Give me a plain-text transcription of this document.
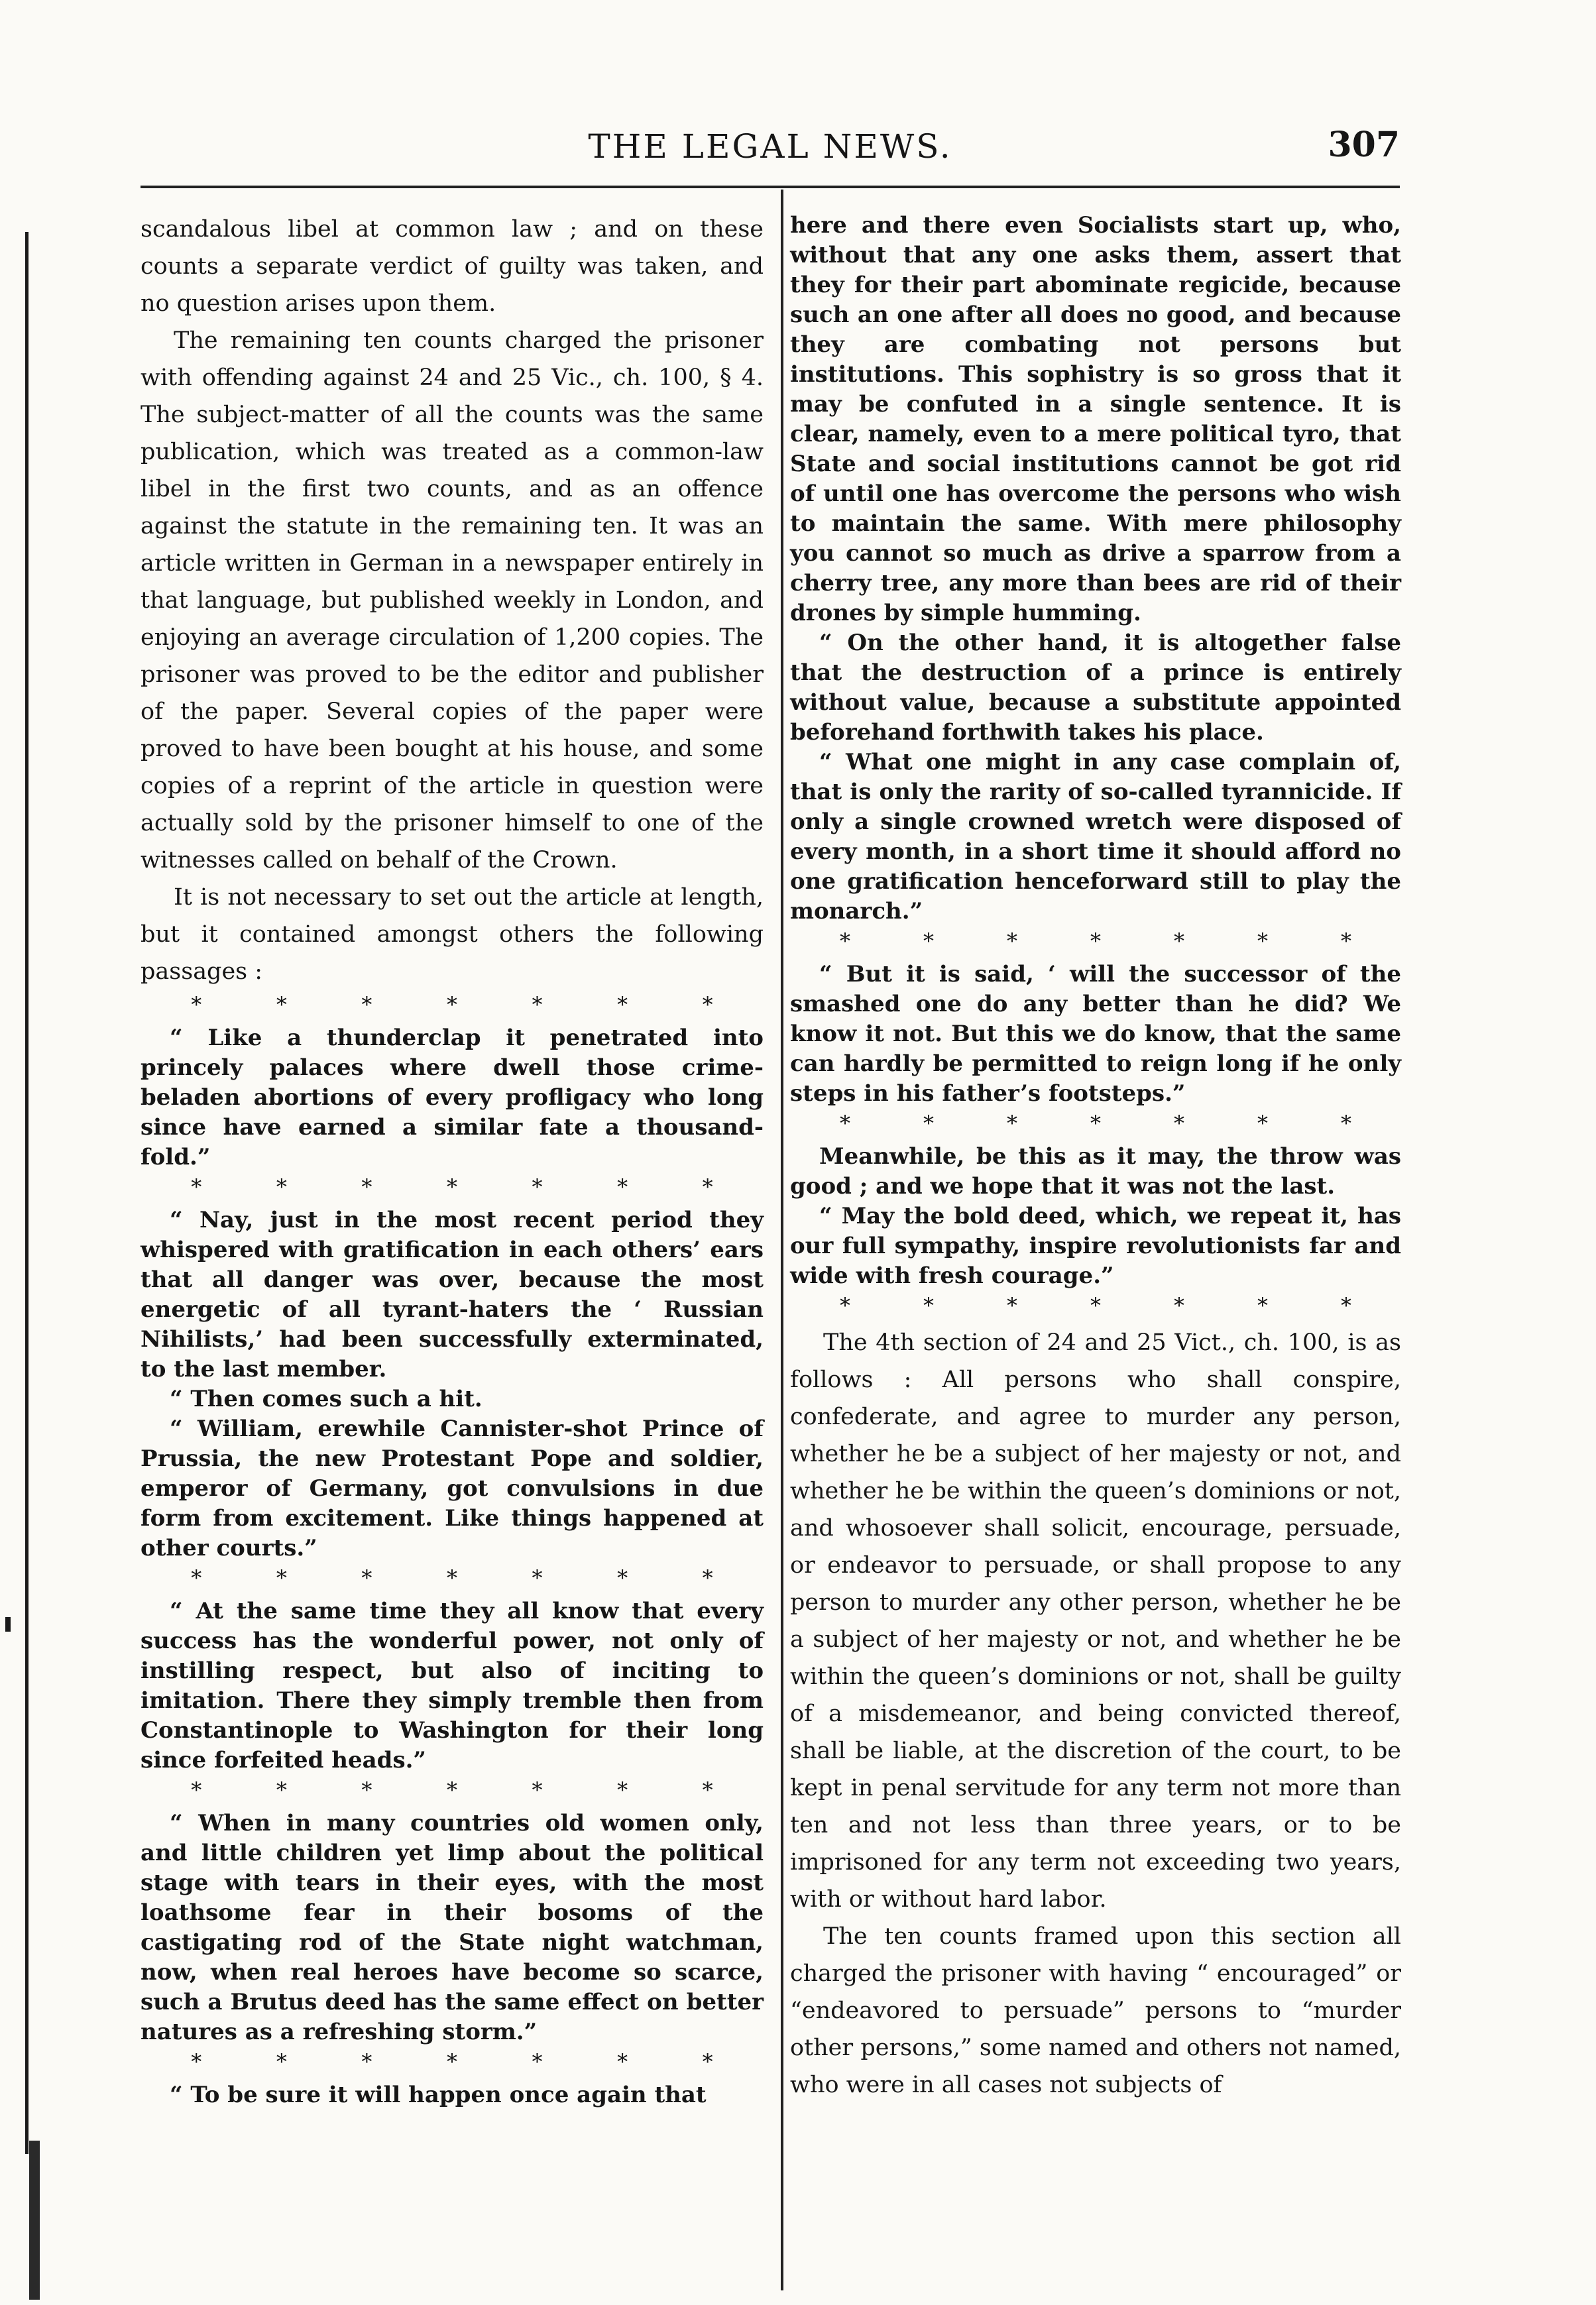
THE LEGAL NEWS.	307

scandalous libel at common law ; and on these counts a separate verdict of guilty was taken, and no question arises upon them.

The remaining ten counts charged the prisoner with offending against 24 and 25 Vic., ch. 100, § 4. The subject-matter of all the counts was the same publication, which was treated as a common-law libel in the first two counts, and as an offence against the statute in the remaining ten. It was an article written in German in a newspaper entirely in that language, but published weekly in London, and enjoying an average circulation of 1,200 copies. The prisoner was proved to be the editor and publisher of the paper. Several copies of the paper were proved to have been bought at his house, and some copies of a reprint of the article in question were actually sold by the prisoner himself to one of the witnesses called on behalf of the Crown.

It is not necessary to set out the article at length, but it contained amongst others the following passages :

*	*	*	*	*	*	*

“ Like a thunderclap it penetrated into princely palaces where dwell those crime-beladen abortions of every profligacy who long since have earned a similar fate a thousand-fold.”

*	*	*	*	*	*	*

“ Nay, just in the most recent period they whispered with gratification in each others’ ears that all danger was over, because the most energetic of all tyrant-haters the ‘ Russian Nihilists,’ had been successfully exterminated, to the last member.

“ Then comes such a hit.

“ William, erewhile Cannister-shot Prince of Prussia, the new Protestant Pope and soldier, emperor of Germany, got convulsions in due form from excitement. Like things happened at other courts.”

*	*	*	*	*	*	*

“ At the same time they all know that every success has the wonderful power, not only of instilling respect, but also of inciting to imitation. There they simply tremble then from Constantinople to Washington for their long since forfeited heads.”

*	*	*	*	*	*	*

“ When in many countries old women only, and little children yet limp about the political stage with tears in their eyes, with the most loathsome fear in their bosoms of the castigating rod of the State night watchman, now, when real heroes have become so scarce, such a Brutus deed has the same effect on better natures as a refreshing storm.”

*	*	*	*	*	*	*

“ To be sure it will happen once again that

here and there even Socialists start up, who, without that any one asks them, assert that they for their part abominate regicide, because such an one after all does no good, and because they are combating not persons but institutions. This sophistry is so gross that it may be confuted in a single sentence. It is clear, namely, even to a mere political tyro, that State and social institutions cannot be got rid of until one has overcome the persons who wish to maintain the same. With mere philosophy you cannot so much as drive a sparrow from a cherry tree, any more than bees are rid of their drones by simple humming.

“ On the other hand, it is altogether false that the destruction of a prince is entirely without value, because a substitute appointed beforehand forthwith takes his place.

“ What one might in any case complain of, that is only the rarity of so-called tyrannicide. If only a single crowned wretch were disposed of every month, in a short time it should afford no one gratification henceforward still to play the monarch.”

*	*	*	*	*	*	*

“ But it is said, ‘ will the successor of the smashed one do any better than he did? We know it not. But this we do know, that the same can hardly be permitted to reign long if he only steps in his father’s footsteps.”

*	*	*	*	*	*	*

Meanwhile, be this as it may, the throw was good ; and we hope that it was not the last.

“ May the bold deed, which, we repeat it, has our full sympathy, inspire revolutionists far and wide with fresh courage.”

*	*	*	*	*	*	*

The 4th section of 24 and 25 Vict., ch. 100, is as follows : All persons who shall conspire, confederate, and agree to murder any person, whether he be a subject of her majesty or not, and whether he be within the queen’s dominions or not, and whosoever shall solicit, encourage, persuade, or endeavor to persuade, or shall propose to any person to murder any other person, whether he be a subject of her majesty or not, and whether he be within the queen’s dominions or not, shall be guilty of a misdemeanor, and being convicted thereof, shall be liable, at the discretion of the court, to be kept in penal servitude for any term not more than ten and not less than three years, or to be imprisoned for any term not exceeding two years, with or without hard labor.

The ten counts framed upon this section all charged the prisoner with having “ encouraged” or “endeavored to persuade” persons to “murder other persons,” some named and others not named, who were in all cases not subjects of
